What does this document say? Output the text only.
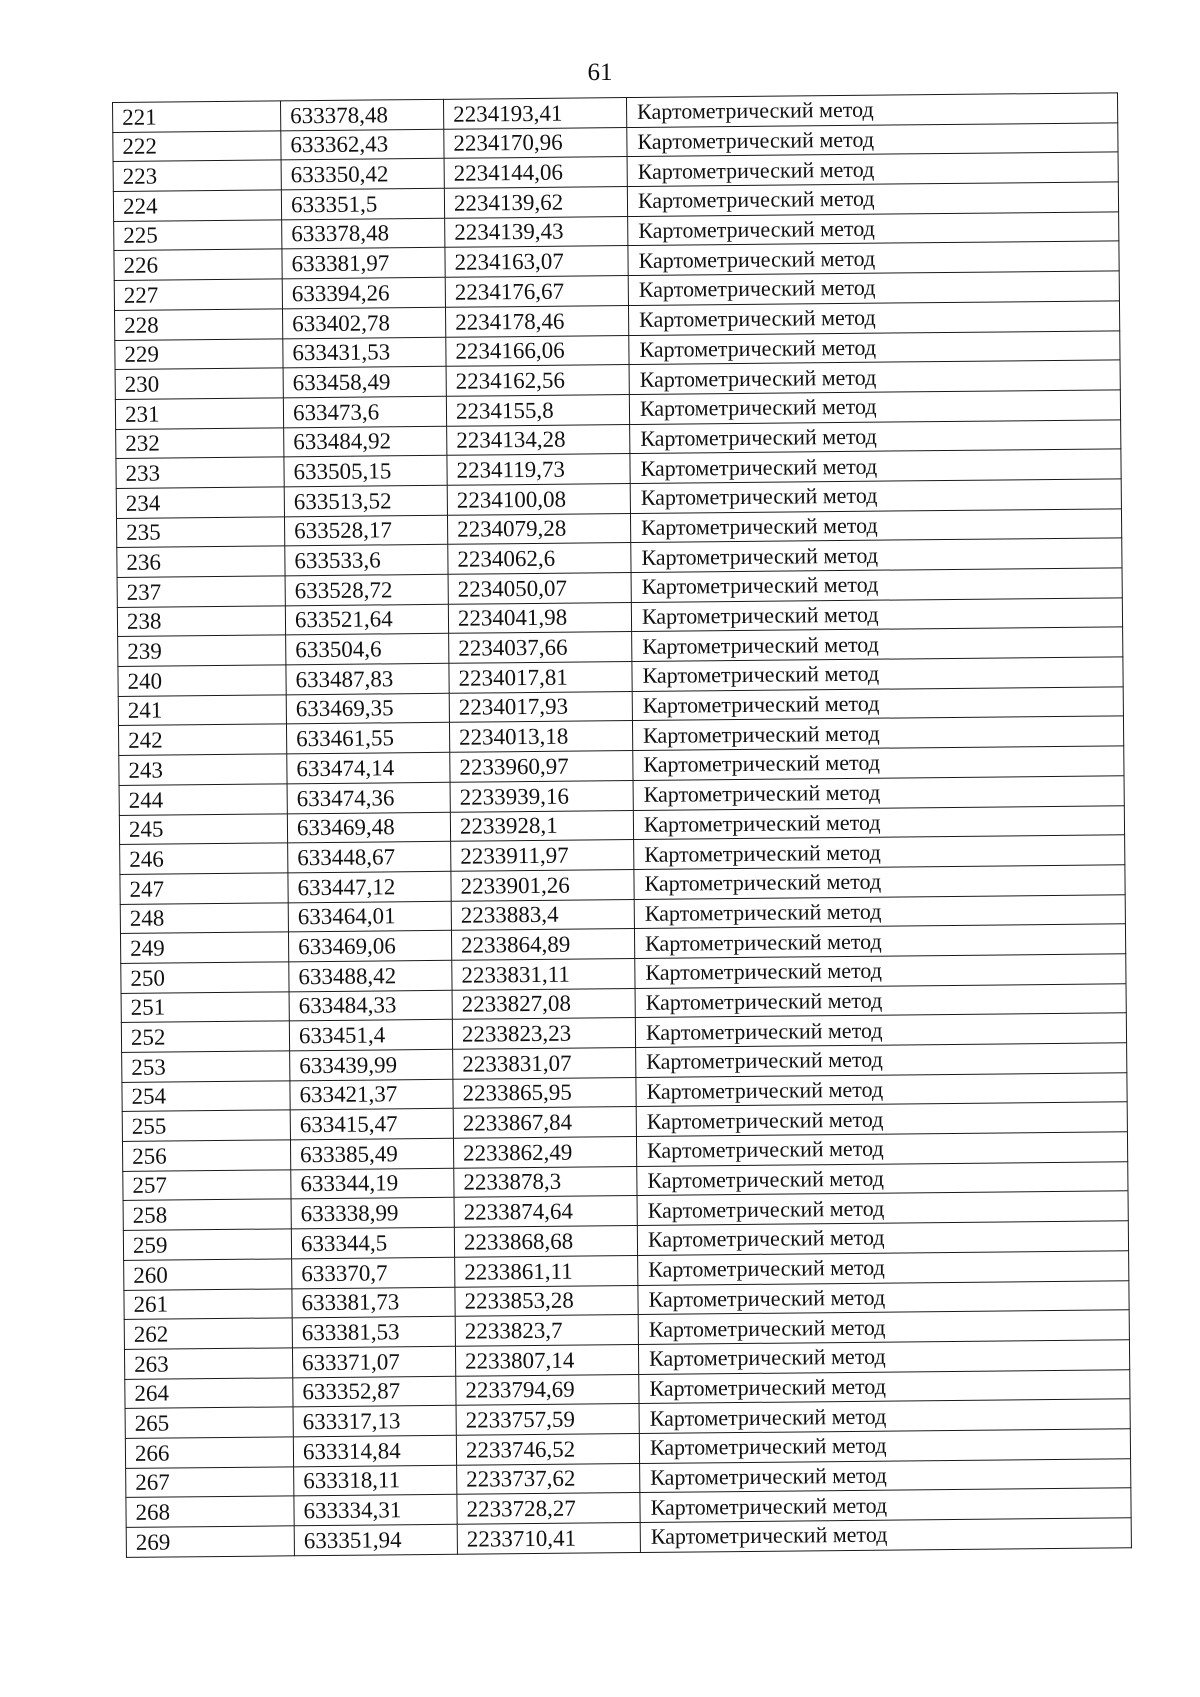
61
221	633378,48	2234193,41	Картометрический метод
222	633362,43	2234170,96	Картометрический метод
223	633350,42	2234144,06	Картометрический метод
224	633351,5	2234139,62	Картометрический метод
225	633378,48	2234139,43	Картометрический метод
226	633381,97	2234163,07	Картометрический метод
227	633394,26	2234176,67	Картометрический метод
228	633402,78	2234178,46	Картометрический метод
229	633431,53	2234166,06	Картометрический метод
230	633458,49	2234162,56	Картометрический метод
231	633473,6	2234155,8	Картометрический метод
232	633484,92	2234134,28	Картометрический метод
233	633505,15	2234119,73	Картометрический метод
234	633513,52	2234100,08	Картометрический метод
235	633528,17	2234079,28	Картометрический метод
236	633533,6	2234062,6	Картометрический метод
237	633528,72	2234050,07	Картометрический метод
238	633521,64	2234041,98	Картометрический метод
239	633504,6	2234037,66	Картометрический метод
240	633487,83	2234017,81	Картометрический метод
241	633469,35	2234017,93	Картометрический метод
242	633461,55	2234013,18	Картометрический метод
243	633474,14	2233960,97	Картометрический метод
244	633474,36	2233939,16	Картометрический метод
245	633469,48	2233928,1	Картометрический метод
246	633448,67	2233911,97	Картометрический метод
247	633447,12	2233901,26	Картометрический метод
248	633464,01	2233883,4	Картометрический метод
249	633469,06	2233864,89	Картометрический метод
250	633488,42	2233831,11	Картометрический метод
251	633484,33	2233827,08	Картометрический метод
252	633451,4	2233823,23	Картометрический метод
253	633439,99	2233831,07	Картометрический метод
254	633421,37	2233865,95	Картометрический метод
255	633415,47	2233867,84	Картометрический метод
256	633385,49	2233862,49	Картометрический метод
257	633344,19	2233878,3	Картометрический метод
258	633338,99	2233874,64	Картометрический метод
259	633344,5	2233868,68	Картометрический метод
260	633370,7	2233861,11	Картометрический метод
261	633381,73	2233853,28	Картометрический метод
262	633381,53	2233823,7	Картометрический метод
263	633371,07	2233807,14	Картометрический метод
264	633352,87	2233794,69	Картометрический метод
265	633317,13	2233757,59	Картометрический метод
266	633314,84	2233746,52	Картометрический метод
267	633318,11	2233737,62	Картометрический метод
268	633334,31	2233728,27	Картометрический метод
269	633351,94	2233710,41	Картометрический метод
